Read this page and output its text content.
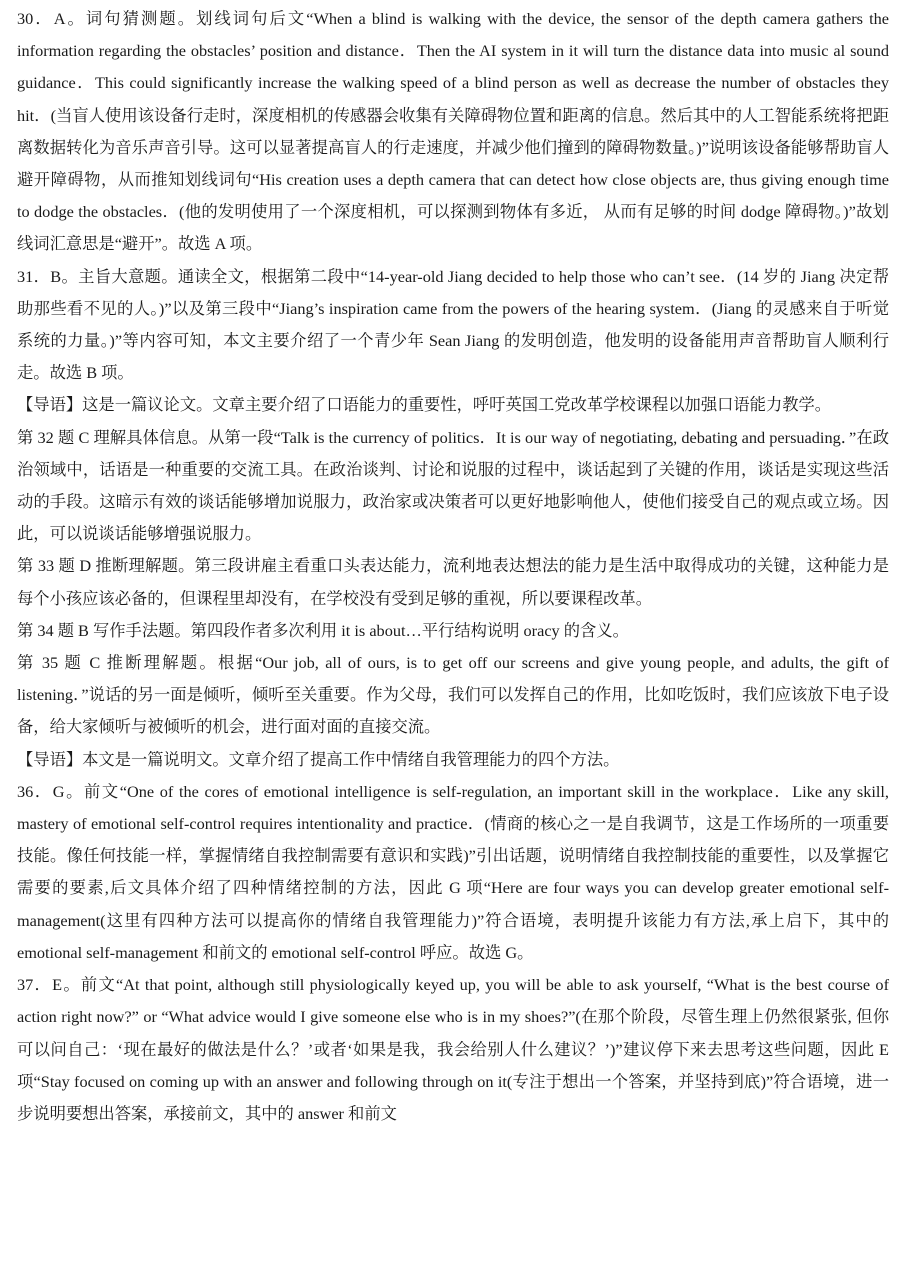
30．A。词句猜测题。划线词句后文“When a blind is walking with the device, the sensor of the depth camera gathers the information regarding the obstacles’ position and distance．Then the AI system in it will turn the distance data into music al sound guidance．This could significantly increase the walking speed of a blind person as well as decrease the number of obstacles they hit．(当盲人使用该设备行走时，深度相机的传感器会收集有关障碍物位置和距离的信息。然后其中的人工智能系统将把距离数据转化为音乐声音引导。这可以显著提高盲人的行走速度，并减少他们撞到的障碍物数量。)”说明该设备能够帮助盲人避开障碍物，从而推知划线词句“His creation uses a depth camera that can detect how close objects are, thus giving enough time to dodge the obstacles．(他的发明使用了一个深度相机，可以探测到物体有多近， 从而有足够的时间 dodge 障碍物。)”故划线词汇意思是“避开”。故选 A 项。

31．B。主旨大意题。通读全文，根据第二段中“14-year-old Jiang decided to help those who can’t see．(14 岁的 Jiang 决定帮助那些看不见的人。)”以及第三段中“Jiang’s inspiration came from the powers of the hearing system．(Jiang 的灵感来自于听觉系统的力量。)”等内容可知，本文主要介绍了一个青少年 Sean Jiang 的发明创造，他发明的设备能用声音帮助盲人顺利行走。故选 B 项。

【导语】这是一篇议论文。文章主要介绍了口语能力的重要性，呼吁英国工党改革学校课程以加强口语能力教学。

第 32 题 C 理解具体信息。从第一段“Talk is the currency of politics．It is our way of negotiating, debating and persuading．”在政治领域中，话语是一种重要的交流工具。在政治谈判、讨论和说服的过程中，谈话起到了关键的作用，谈话是实现这些活动的手段。这暗示有效的谈话能够增加说服力，政治家或决策者可以更好地影响他人，使他们接受自己的观点或立场。因此，可以说谈话能够增强说服力。

第 33 题 D 推断理解题。第三段讲雇主看重口头表达能力，流利地表达想法的能力是生活中取得成功的关键，这种能力是每个小孩应该必备的，但课程里却没有，在学校没有受到足够的重视，所以要课程改革。

第 34 题 B 写作手法题。第四段作者多次利用 it is about…平行结构说明 oracy 的含义。

第 35 题 C 推断理解题。根据“Our job, all of ours, is to get off our screens and give young people, and adults, the gift of listening．”说话的另一面是倾听，倾听至关重要。作为父母，我们可以发挥自己的作用，比如吃饭时，我们应该放下电子设备，给大家倾听与被倾听的机会，进行面对面的直接交流。

【导语】本文是一篇说明文。文章介绍了提高工作中情绪自我管理能力的四个方法。

36．G。前文“One of the cores of emotional intelligence is self-regulation, an important skill in the workplace．Like any skill, mastery of emotional self-control requires intentionality and practice．(情商的核心之一是自我调节，这是工作场所的一项重要技能。像任何技能一样，掌握情绪自我控制需要有意识和实践)”引出话题，说明情绪自我控制技能的重要性，以及掌握它需要的要素,后文具体介绍了四种情绪控制的方法，因此 G 项“Here are four ways you can develop greater emotional self-management(这里有四种方法可以提高你的情绪自我管理能力)”符合语境，表明提升该能力有方法,承上启下，其中的 emotional self-management 和前文的 emotional self-control 呼应。故选 G。

37．E。前文“At that point, although still physiologically keyed up, you will be able to ask yourself, “What is the best course of action right now?” or “What advice would I give someone else who is in my shoes?”(在那个阶段，尽管生理上仍然很紧张, 但你可以问自己：‘现在最好的做法是什么？’或者‘如果是我，我会给别人什么建议？’)”建议停下来去思考这些问题，因此 E 项“Stay focused on coming up with an answer and following through on it(专注于想出一个答案，并坚持到底)”符合语境，进一步说明要想出答案，承接前文，其中的 answer 和前文
